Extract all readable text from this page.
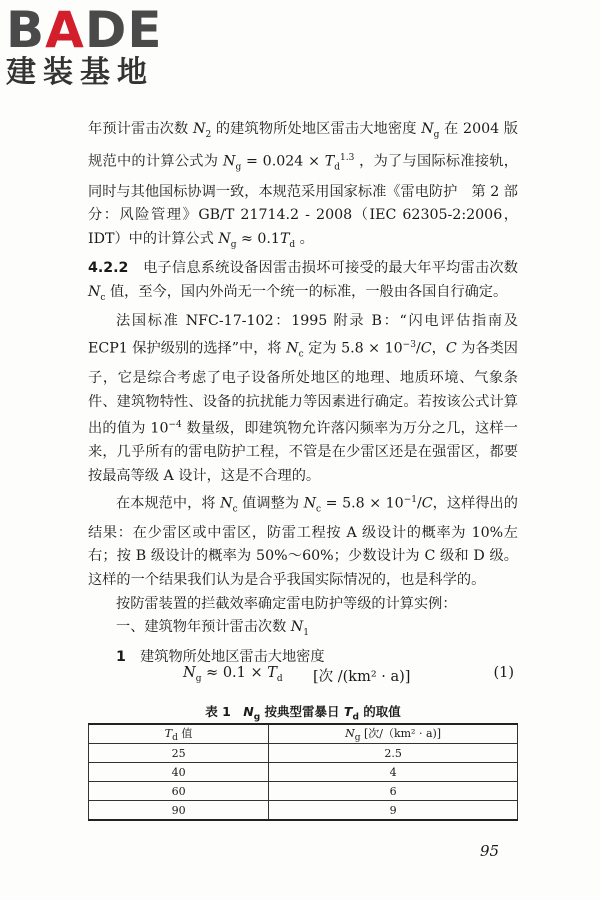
BADE
建装基地

年预计雷击次数 $N_2$ 的建筑物所处地区雷击大地密度 $N_g$ 在 2004 版规范中的计算公式为 $N_g = 0.024 \times T_d^{1.3}$ ，为了与国际标准接轨，同时与其他国标协调一致，本规范采用国家标准《雷电防护　第 2 部分：风险管理》GB/T 21714.2 - 2008（IEC 62305-2:2006，IDT）中的计算公式 $N_g \approx 0.1T_d$ 。

4.2.2　电子信息系统设备因雷击损坏可接受的最大年平均雷击次数 $N_c$ 值，至今，国内外尚无一个统一的标准，一般由各国自行确定。

法国标准 NFC-17-102：1995 附录 B：“闪电评估指南及 ECP1 保护级别的选择”中，将 $N_c$ 定为 $5.8 \times 10^{-3}/C$，C 为各类因子，它是综合考虑了电子设备所处地区的地理、地质环境、气象条件、建筑物特性、设备的抗扰能力等因素进行确定。若按该公式计算出的值为 $10^{-4}$ 数量级，即建筑物允许落闪频率为万分之几，这样一来，几乎所有的雷电防护工程，不管是在少雷区还是在强雷区，都要按最高等级 A 设计，这是不合理的。

在本规范中，将 $N_c$ 值调整为 $N_c = 5.8 \times 10^{-1}/C$，这样得出的结果：在少雷区或中雷区，防雷工程按 A 级设计的概率为 10%左右；按 B 级设计的概率为 50%～60%；少数设计为 C 级和 D 级。这样的一个结果我们认为是合乎我国实际情况的，也是科学的。

按防雷装置的拦截效率确定雷电防护等级的计算实例：

一、建筑物年预计雷击次数 $N_1$

1　建筑物所处地区雷击大地密度

$N_g \approx 0.1 \times T_d$ [次 /(km² · a)]	(1)
表 1　$N_g$ 按典型雷暴日 $T_d$ 的取值
$T_d$ 值	$N_g$ [次/（km² · a)]
25	2.5
40	4
60	6
90	9
95
